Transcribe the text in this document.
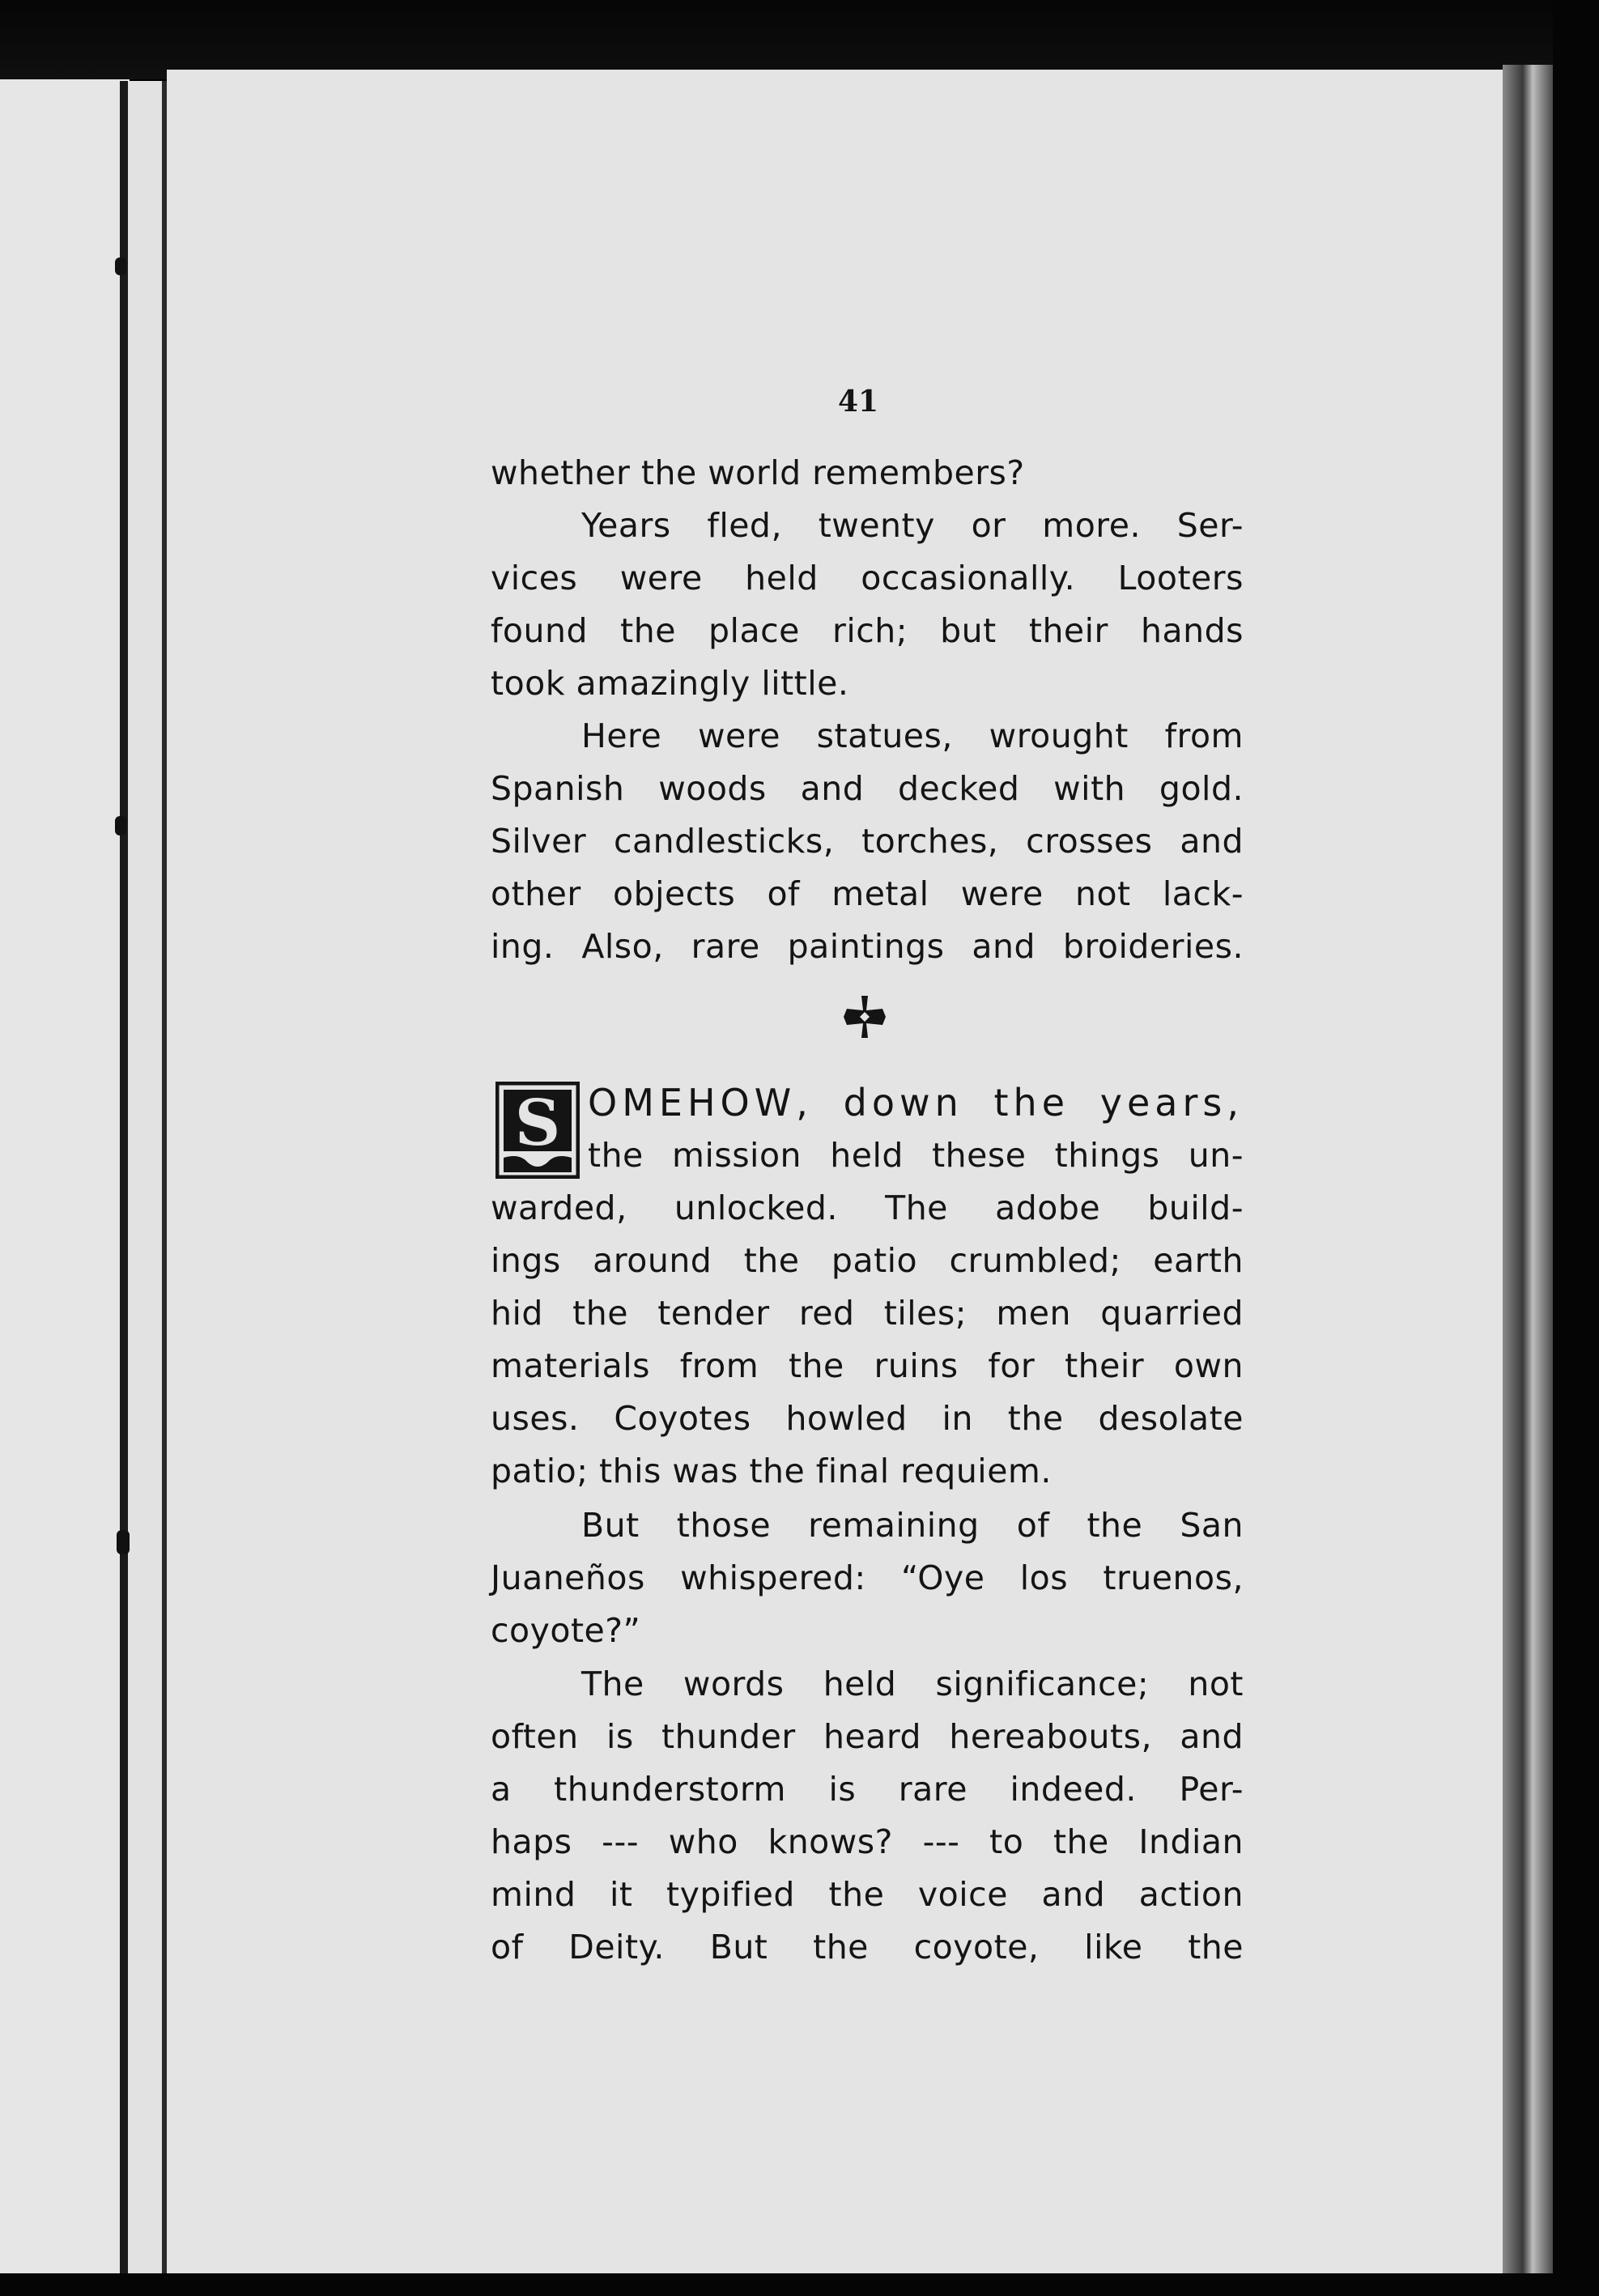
41
whether the world remembers?
Years fled, twenty or more. Ser-
vices were held occasionally. Looters
found the place rich; but their hands
took amazingly little.
Here were statues, wrought from
Spanish woods and decked with gold.
Silver candlesticks, torches, crosses and
other objects of metal were not lack-
ing. Also, rare paintings and broideries.
S OMEHOW, down the years,
the mission held these things un-
warded, unlocked. The adobe build-
ings around the patio crumbled; earth
hid the tender red tiles; men quarried
materials from the ruins for their own
uses. Coyotes howled in the desolate
patio; this was the final requiem.
But those remaining of the San
Juaneños whispered: “Oye los truenos,
coyote?”
The words held significance; not
often is thunder heard hereabouts, and
a thunderstorm is rare indeed. Per-
haps --- who knows? --- to the Indian
mind it typified the voice and action
of Deity. But the coyote, like the
